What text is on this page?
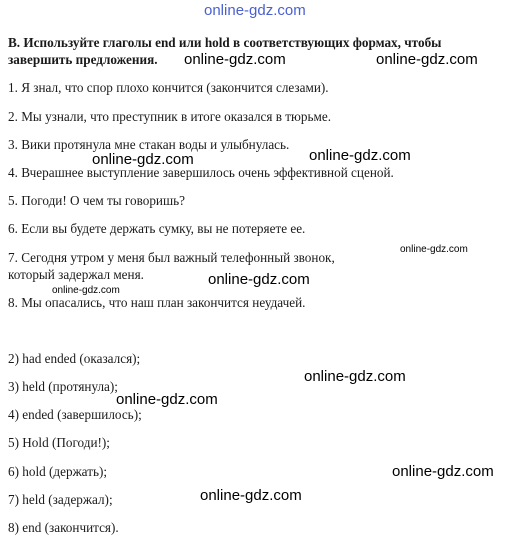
online-gdz.com
В. Используйте глаголы end или hold в соответствующих формах, чтобы
завершить предложения.
1. Я знал, что спор плохо кончится (закончится слезами).
2. Мы узнали, что преступник в итоге оказался в тюрьме.
3. Вики протянула мне стакан воды и улыбнулась.
4. Вчерашнее выступление завершилось очень эффективной сценой.
5. Погоди! О чем ты говоришь?
6. Если вы будете держать сумку, вы не потеряете ее.
7. Сегодня утром у меня был важный телефонный звонок,
который задержал меня.
8. Мы опасались, что наш план закончится неудачей.
2) had ended (оказался);
3) held (протянула);
4) ended (завершилось);
5) Hold (Погоди!);
6) hold (держать);
7) held (задержал);
8) end (закончится).
online-gdz.com	online-gdz.com
online-gdz.com	online-gdz.com
online-gdz.com
online-gdz.com
online-gdz.com
online-gdz.com
online-gdz.com
online-gdz.com
online-gdz.com
